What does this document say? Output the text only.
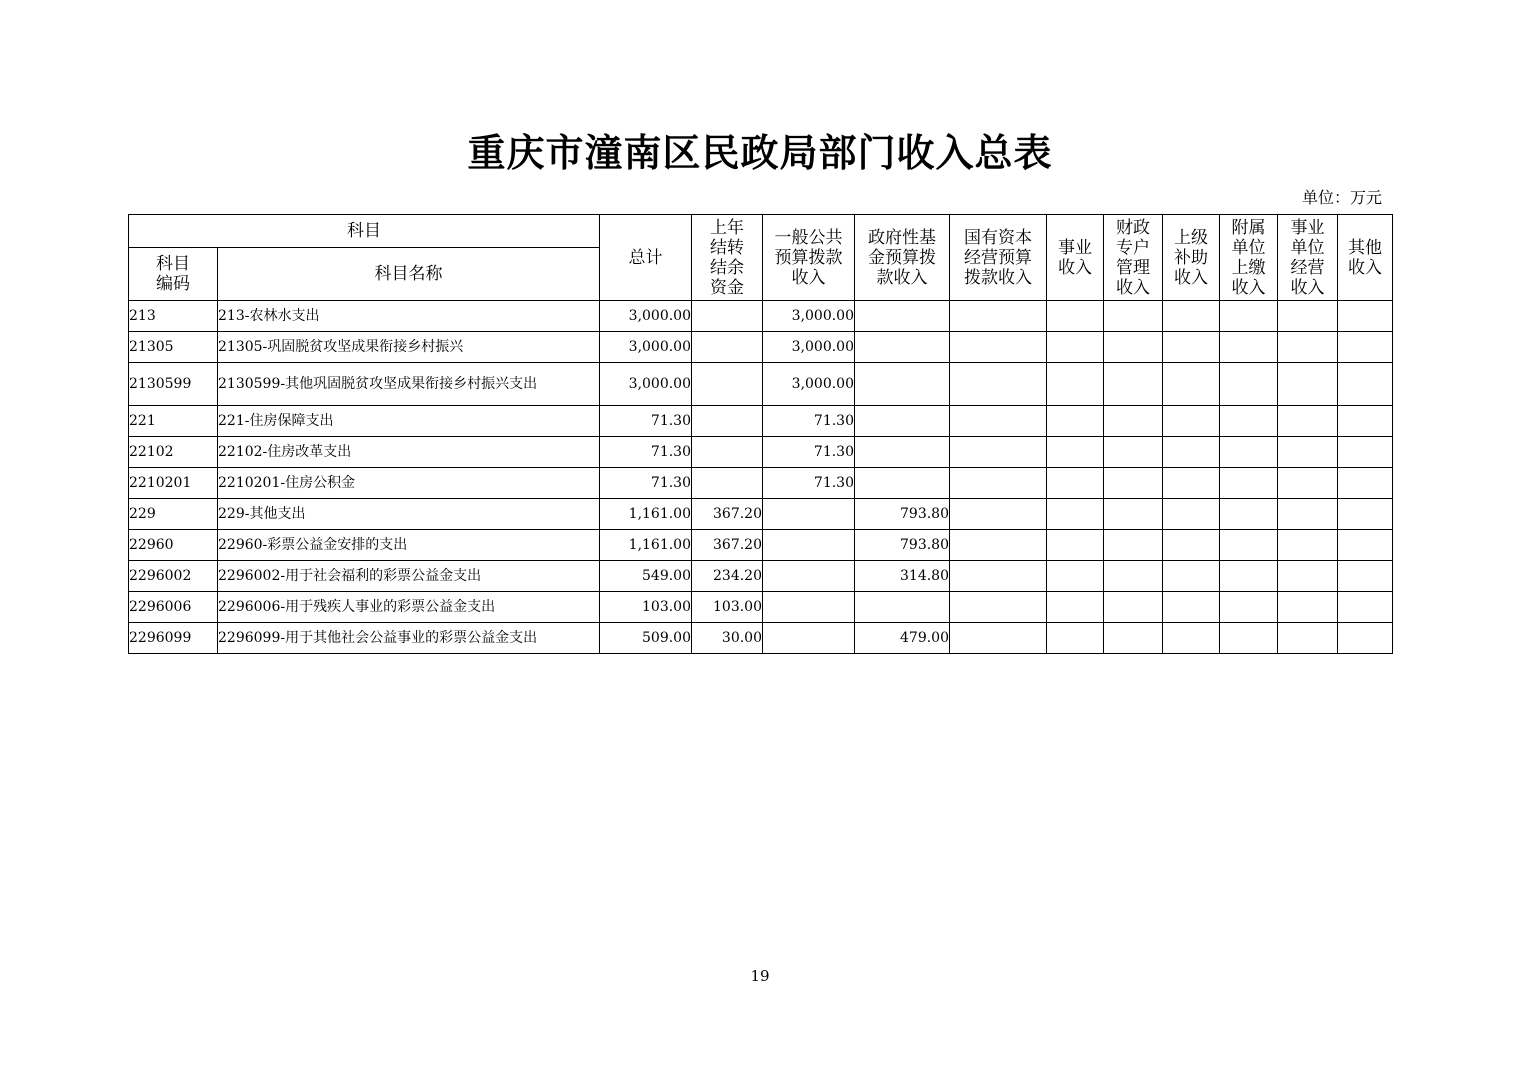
重庆市潼南区民政局部门收入总表
单位：万元
科目		总计	上年结转结余资金	一般公共预算拨款收入	政府性基金预算拨款收入	国有资本经营预算拨款收入	事业收入	财政专户管理收入	上级补助收入	附属单位上缴收入	事业单位经营收入	其他收入
科目编码	科目名称											
213	213-农林水支出	3,000.00		3,000.00								
21305	21305-巩固脱贫攻坚成果衔接乡村振兴	3,000.00		3,000.00								
2130599	2130599-其他巩固脱贫攻坚成果衔接乡村振兴支出	3,000.00		3,000.00								
221	221-住房保障支出	71.30		71.30								
22102	22102-住房改革支出	71.30		71.30								
2210201	2210201-住房公积金	71.30		71.30								
229	229-其他支出	1,161.00	367.20		793.80							
22960	22960-彩票公益金安排的支出	1,161.00	367.20		793.80							
2296002	2296002-用于社会福利的彩票公益金支出	549.00	234.20		314.80							
2296006	2296006-用于残疾人事业的彩票公益金支出	103.00	103.00									
2296099	2296099-用于其他社会公益事业的彩票公益金支出	509.00	30.00		479.00							
19
